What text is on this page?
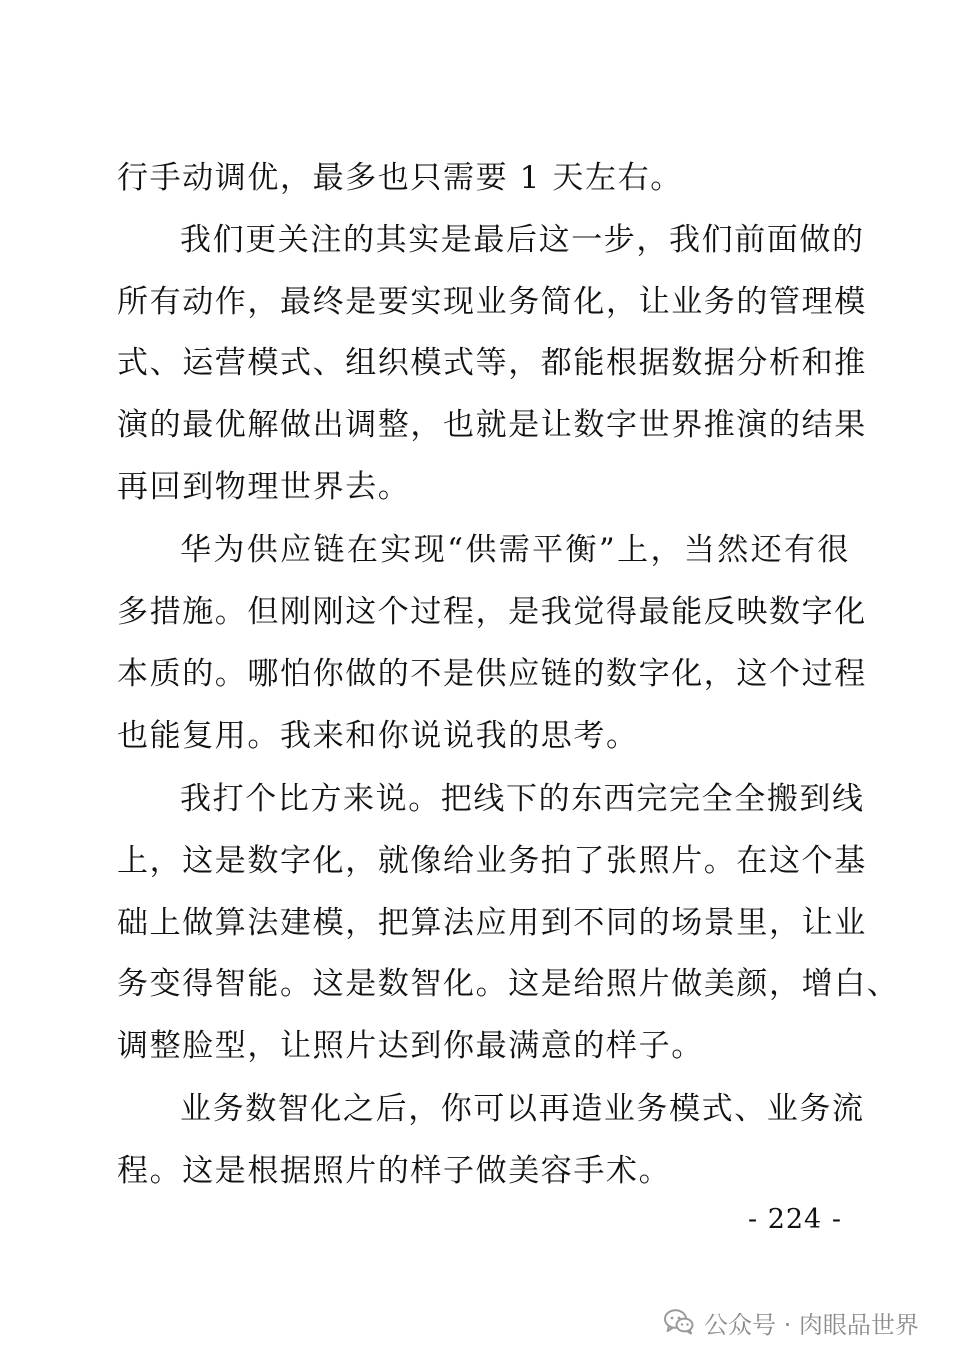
行手动调优，最多也只需要 1 天左右。
我们更关注的其实是最后这一步，我们前面做的
所有动作，最终是要实现业务简化，让业务的管理模
式、运营模式、组织模式等，都能根据数据分析和推
演的最优解做出调整，也就是让数字世界推演的结果
再回到物理世界去。
华为供应链在实现“供需平衡”上，当然还有很
多措施。但刚刚这个过程，是我觉得最能反映数字化
本质的。哪怕你做的不是供应链的数字化，这个过程
也能复用。我来和你说说我的思考。
我打个比方来说。把线下的东西完完全全搬到线
上，这是数字化，就像给业务拍了张照片。在这个基
础上做算法建模，把算法应用到不同的场景里，让业
务变得智能。这是数智化。这是给照片做美颜，增白、
调整脸型，让照片达到你最满意的样子。
业务数智化之后，你可以再造业务模式、业务流
程。这是根据照片的样子做美容手术。
- 224 -
公众号 · 肉眼品世界
